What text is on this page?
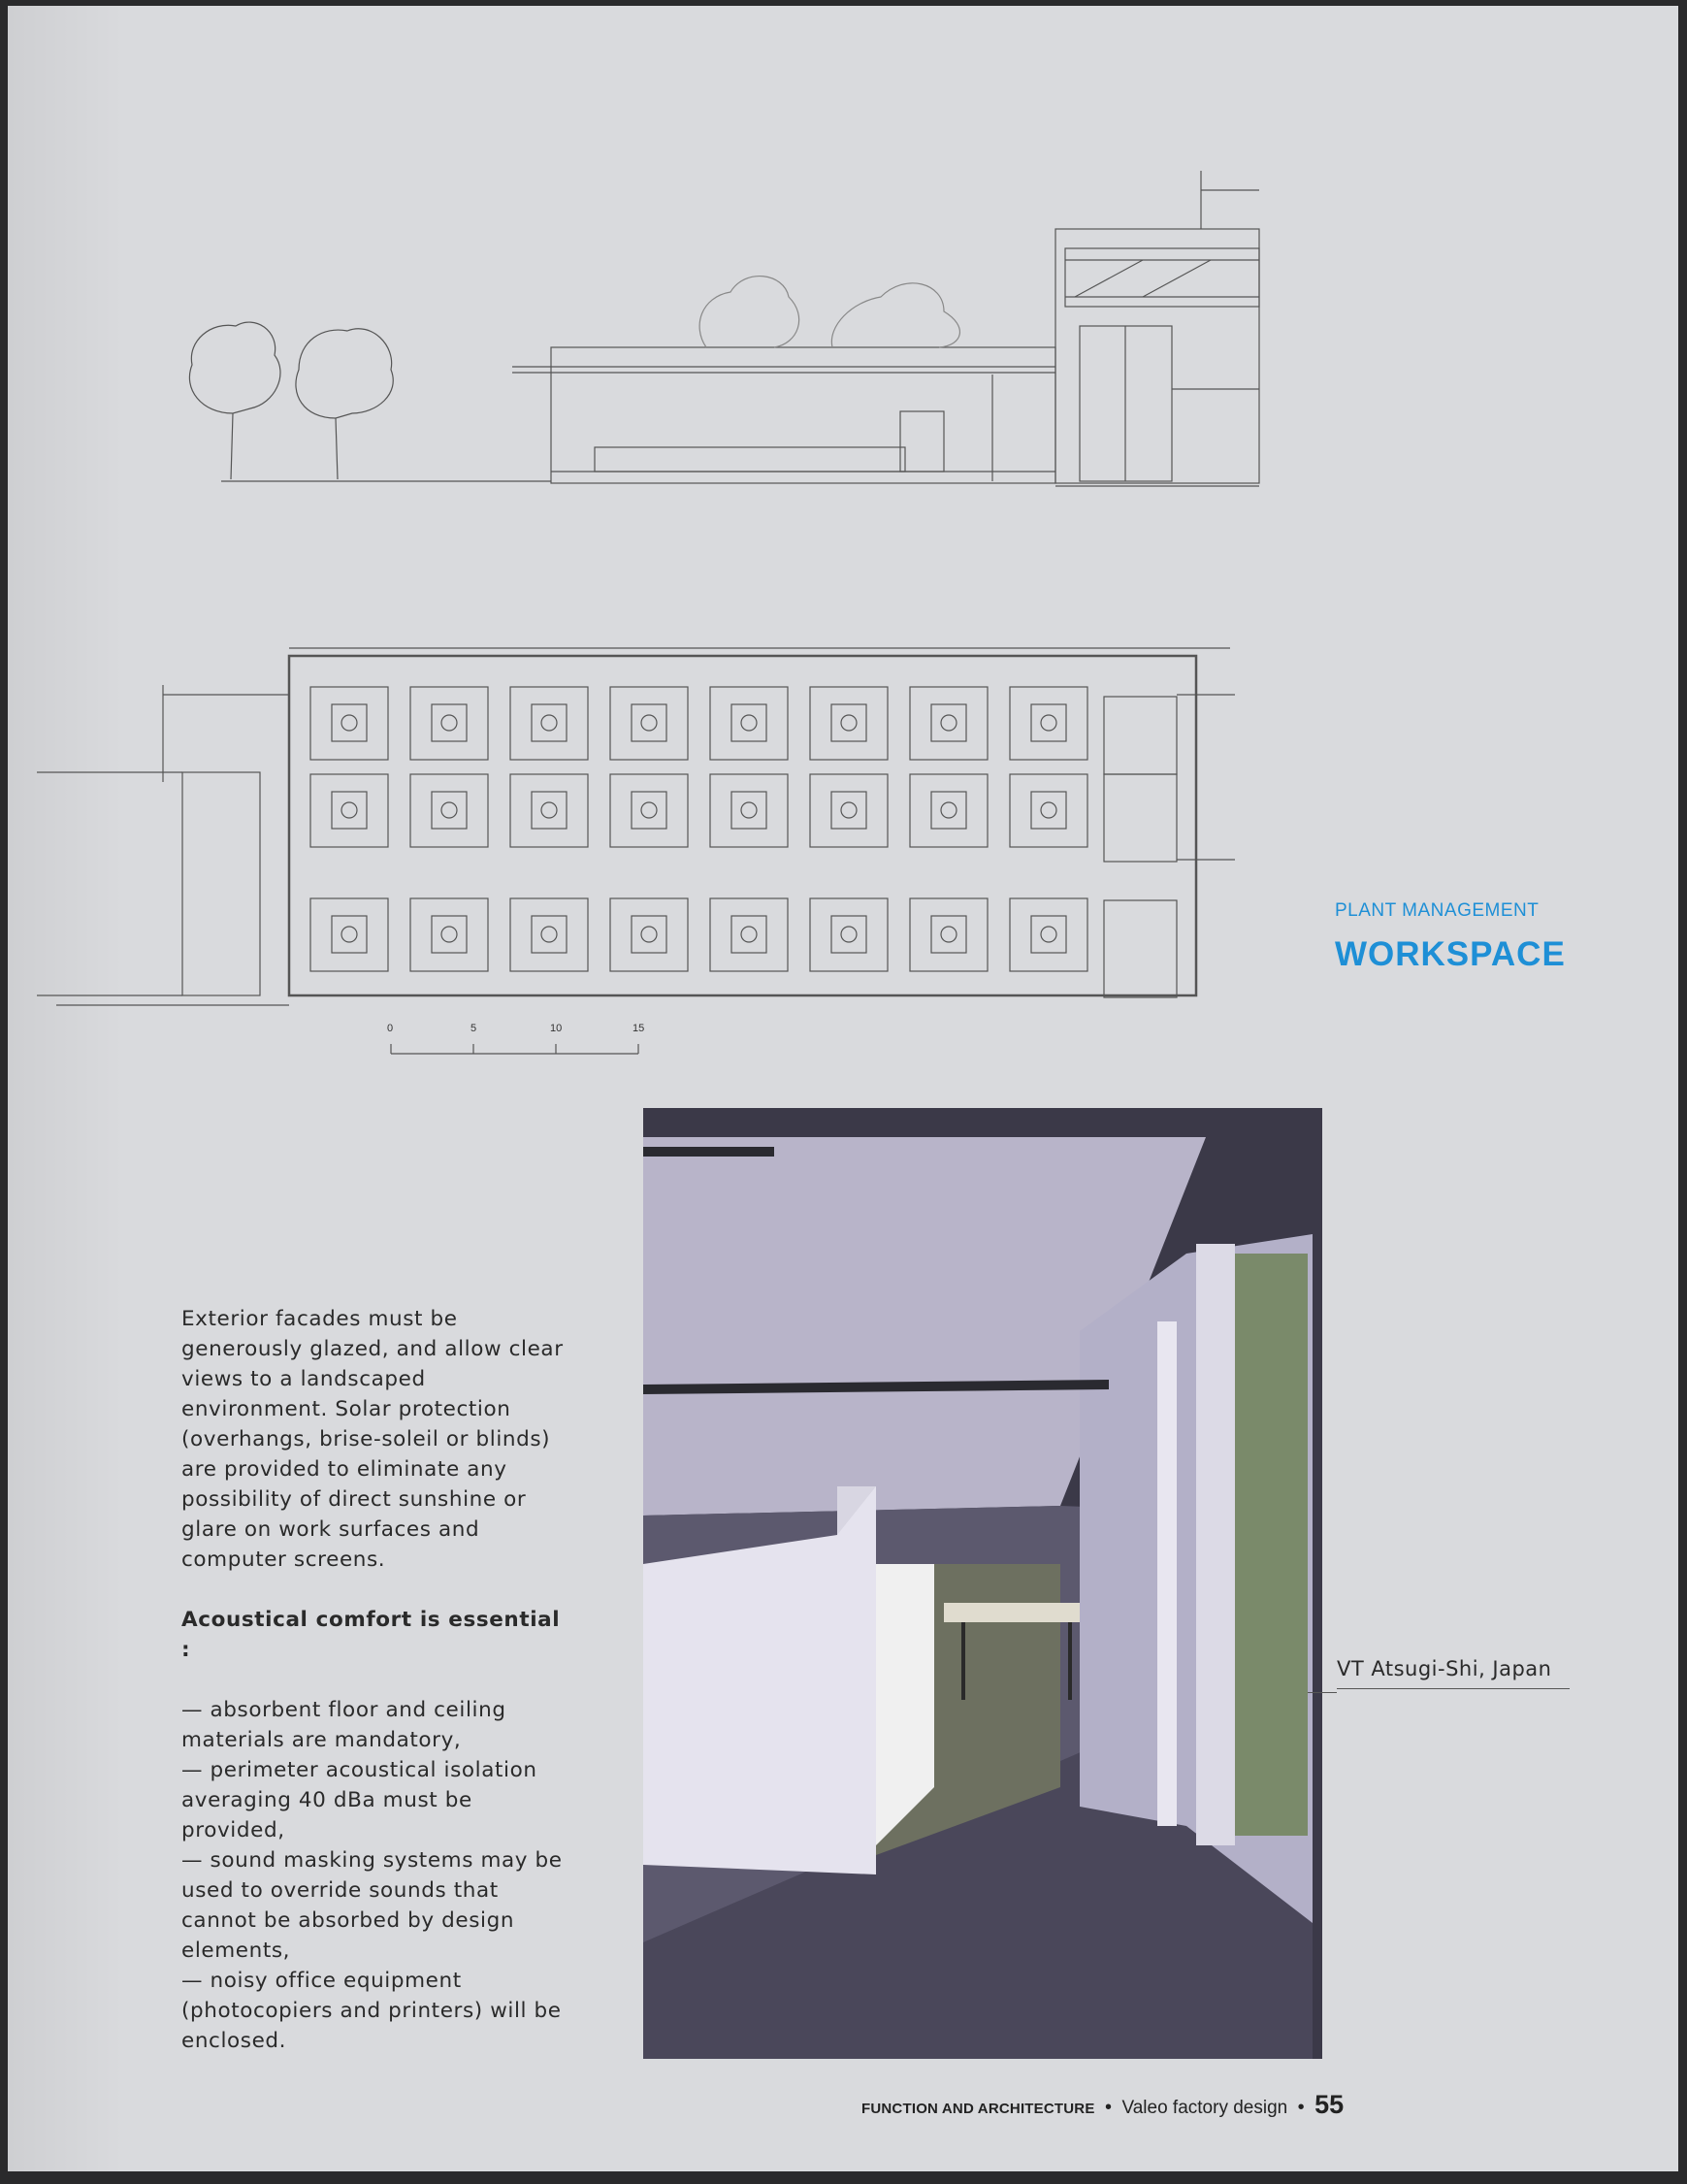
0	5	10	15
PLANT MANAGEMENT
WORKSPACE

Exterior facades must be generously glazed, and allow clear views to a landscaped environment. Solar protection (overhangs, brise-soleil or blinds) are provided to eliminate any possibility of direct sunshine or glare on work surfaces and computer screens.

Acoustical comfort is essential :

— absorbent floor and ceiling materials are mandatory,
— perimeter acoustical isolation averaging 40 dBa must be provided,
— sound masking systems may be used to override sounds that cannot be absorbed by design elements,
— noisy office equipment (photocopiers and printers) will be enclosed.
VT Atsugi-Shi, Japan
FUNCTION AND ARCHITECTURE • Valeo factory design • 55
